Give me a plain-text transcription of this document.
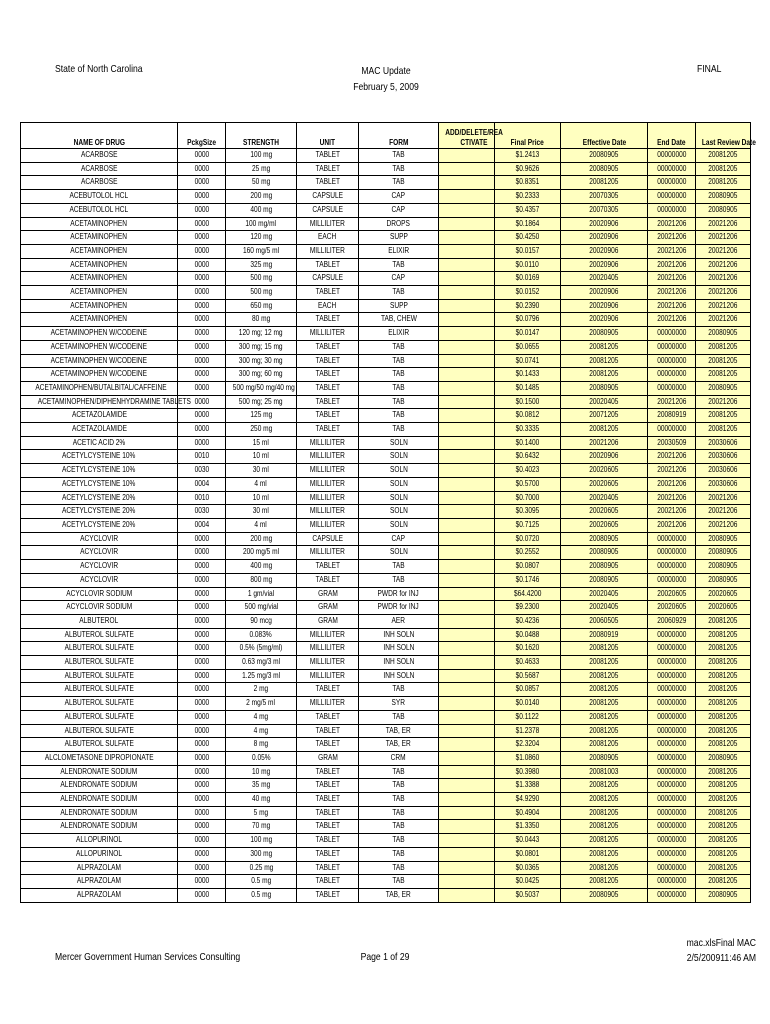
State of North Carolina	MAC Update
February 5, 2009
FINAL
NAME OF DRUG	PckgSize	STRENGTH	UNIT	FORM	ADD/DELETE/REA CTIVATE	Final Price	Effective Date	End Date	Last Review Date
ACARBOSE	0000	100 mg	TABLET	TAB		$1.2413	20080905	00000000	20081205
ACARBOSE	0000	25 mg	TABLET	TAB		$0.9626	20080905	00000000	20081205
ACARBOSE	0000	50 mg	TABLET	TAB		$0.8351	20081205	00000000	20081205
ACEBUTOLOL HCL	0000	200 mg	CAPSULE	CAP		$0.2333	20070305	00000000	20080905
ACEBUTOLOL HCL	0000	400 mg	CAPSULE	CAP		$0.4357	20070305	00000000	20080905
ACETAMINOPHEN	0000	100 mg/ml	MILLILITER	DROPS		$0.1864	20020906	20021206	20021206
ACETAMINOPHEN	0000	120 mg	EACH	SUPP		$0.4250	20020906	20021206	20021206
ACETAMINOPHEN	0000	160 mg/5 ml	MILLILITER	ELIXIR		$0.0157	20020906	20021206	20021206
ACETAMINOPHEN	0000	325 mg	TABLET	TAB		$0.0110	20020906	20021206	20021206
ACETAMINOPHEN	0000	500 mg	CAPSULE	CAP		$0.0169	20020405	20021206	20021206
ACETAMINOPHEN	0000	500 mg	TABLET	TAB		$0.0152	20020906	20021206	20021206
ACETAMINOPHEN	0000	650 mg	EACH	SUPP		$0.2390	20020906	20021206	20021206
ACETAMINOPHEN	0000	80 mg	TABLET	TAB, CHEW		$0.0796	20020906	20021206	20021206
ACETAMINOPHEN W/CODEINE	0000	120 mg; 12 mg	MILLILITER	ELIXIR		$0.0147	20080905	00000000	20080905
ACETAMINOPHEN W/CODEINE	0000	300 mg; 15 mg	TABLET	TAB		$0.0655	20081205	00000000	20081205
ACETAMINOPHEN W/CODEINE	0000	300 mg; 30 mg	TABLET	TAB		$0.0741	20081205	00000000	20081205
ACETAMINOPHEN W/CODEINE	0000	300 mg; 60 mg	TABLET	TAB		$0.1433	20081205	00000000	20081205
ACETAMINOPHEN/BUTALBITAL/CAFFEINE	0000	500 mg/50 mg/40 mg	TABLET	TAB		$0.1485	20080905	00000000	20080905
ACETAMINOPHEN/DIPHENHYDRAMINE TABLETS	0000	500 mg; 25 mg	TABLET	TAB		$0.1500	20020405	20021206	20021206
ACETAZOLAMIDE	0000	125 mg	TABLET	TAB		$0.0812	20071205	20080919	20081205
ACETAZOLAMIDE	0000	250 mg	TABLET	TAB		$0.3335	20081205	00000000	20081205
ACETIC ACID 2%	0000	15 ml	MILLILITER	SOLN		$0.1400	20021206	20030509	20030606
ACETYLCYSTEINE 10%	0010	10 ml	MILLILITER	SOLN		$0.6432	20020906	20021206	20030606
ACETYLCYSTEINE 10%	0030	30 ml	MILLILITER	SOLN		$0.4023	20020605	20021206	20030606
ACETYLCYSTEINE 10%	0004	4 ml	MILLILITER	SOLN		$0.5700	20020605	20021206	20030606
ACETYLCYSTEINE 20%	0010	10 ml	MILLILITER	SOLN		$0.7000	20020405	20021206	20021206
ACETYLCYSTEINE 20%	0030	30 ml	MILLILITER	SOLN		$0.3095	20020605	20021206	20021206
ACETYLCYSTEINE 20%	0004	4 ml	MILLILITER	SOLN		$0.7125	20020605	20021206	20021206
ACYCLOVIR	0000	200 mg	CAPSULE	CAP		$0.0720	20080905	00000000	20080905
ACYCLOVIR	0000	200 mg/5 ml	MILLILITER	SOLN		$0.2552	20080905	00000000	20080905
ACYCLOVIR	0000	400 mg	TABLET	TAB		$0.0807	20080905	00000000	20080905
ACYCLOVIR	0000	800 mg	TABLET	TAB		$0.1746	20080905	00000000	20080905
ACYCLOVIR SODIUM	0000	1 gm/vial	GRAM	PWDR for INJ		$64.4200	20020405	20020605	20020605
ACYCLOVIR SODIUM	0000	500 mg/vial	GRAM	PWDR for INJ		$9.2300	20020405	20020605	20020605
ALBUTEROL	0000	90 mcg	GRAM	AER		$0.4236	20060505	20060929	20081205
ALBUTEROL SULFATE	0000	0.083%	MILLILITER	INH SOLN		$0.0488	20080919	00000000	20081205
ALBUTEROL SULFATE	0000	0.5% (5mg/ml)	MILLILITER	INH SOLN		$0.1620	20081205	00000000	20081205
ALBUTEROL SULFATE	0000	0.63 mg/3 ml	MILLILITER	INH SOLN		$0.4633	20081205	00000000	20081205
ALBUTEROL SULFATE	0000	1.25 mg/3 ml	MILLILITER	INH SOLN		$0.5687	20081205	00000000	20081205
ALBUTEROL SULFATE	0000	2 mg	TABLET	TAB		$0.0857	20081205	00000000	20081205
ALBUTEROL SULFATE	0000	2 mg/5 ml	MILLILITER	SYR		$0.0140	20081205	00000000	20081205
ALBUTEROL SULFATE	0000	4 mg	TABLET	TAB		$0.1122	20081205	00000000	20081205
ALBUTEROL SULFATE	0000	4 mg	TABLET	TAB, ER		$1.2378	20081205	00000000	20081205
ALBUTEROL SULFATE	0000	8 mg	TABLET	TAB, ER		$2.3204	20081205	00000000	20081205
ALCLOMETASONE DIPROPIONATE	0000	0.05%	GRAM	CRM		$1.0860	20080905	00000000	20080905
ALENDRONATE SODIUM	0000	10 mg	TABLET	TAB		$0.3980	20081003	00000000	20081205
ALENDRONATE SODIUM	0000	35 mg	TABLET	TAB		$1.3388	20081205	00000000	20081205
ALENDRONATE SODIUM	0000	40 mg	TABLET	TAB		$4.9290	20081205	00000000	20081205
ALENDRONATE SODIUM	0000	5 mg	TABLET	TAB		$0.4904	20081205	00000000	20081205
ALENDRONATE SODIUM	0000	70 mg	TABLET	TAB		$1.3350	20081205	00000000	20081205
ALLOPURINOL	0000	100 mg	TABLET	TAB		$0.0443	20081205	00000000	20081205
ALLOPURINOL	0000	300 mg	TABLET	TAB		$0.0801	20081205	00000000	20081205
ALPRAZOLAM	0000	0.25 mg	TABLET	TAB		$0.0365	20081205	00000000	20081205
ALPRAZOLAM	0000	0.5 mg	TABLET	TAB		$0.0425	20081205	00000000	20081205
ALPRAZOLAM	0000	0.5 mg	TABLET	TAB, ER		$0.5037	20080905	00000000	20080905
Mercer Government Human Services Consulting	Page 1 of 29
mac.xlsFinal MAC
2/5/200911:46 AM
